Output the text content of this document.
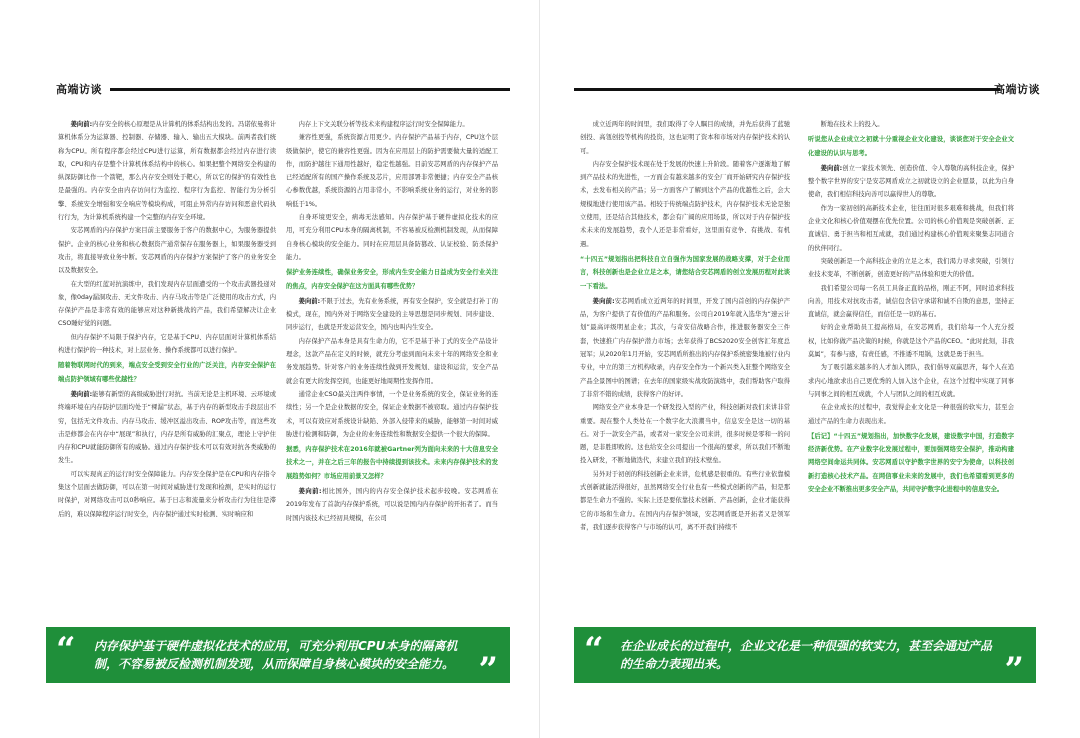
高端访谈

姜向前:内存安全的核心原理是从计算机的体系结构出发的。冯诺依曼将计算机体系分为运算器、控制器、存储器、输入、输出五大模块。前两者我们统称为CPU。所有程序都会经过CPU进行运算，所有数据都会经过内存进行读取，CPU和内存是整个计算机体系结构中的核心。如果把整个网络安全构建的纵深防御比作一个箭靶，那么内存安全则处于靶心，所以它的保护的有效性也是最强的。内存安全由内存访问行为监控、程序行为监控、智能行为分析引擎、系统安全增强和安全响应等模块构成，可阻止异常内存访问和恶意代码执行行为，为计算机系统构建一个完整的内存安全环境。

安芯网盾的内存保护方案目前主要服务于客户的数据中心，为服务器提供保护。企业的核心业务和核心数据资产通常保存在服务器上，如果服务器受到攻击，将直接导致业务中断。安芯网盾的内存保护方案保护了客户的业务安全以及数据安全。

在大型的红蓝对抗演练中，我们发现内存层面遭受的一个攻击武器投递对象，像0day漏洞攻击、无文件攻击、内存马攻击等是广泛使用的攻击方式，内存保护产品是非常有效的能够应对这种新挑战的产品，我们希望解决让企业CSO睡好觉的问题。

但内存保护不局限于保护内存，它是基于CPU、内存层面对计算机体系结构进行保护的一种技术，对上层业务、操作系统都可以进行保护。

随着物联网时代的到来，端点安全受到安全行业的广泛关注，内存安全保护在端点防护领域有哪些优越性？

姜向前:能够有新型的高级威胁进行对抗。当前无论是主机环境、云环境或终端环境在内存防护层面均处于“裸漏”状态，基于内存的新型攻击手段层出不穷，包括无文件攻击、内存马攻击、缓冲区溢出攻击、ROP攻击等，而这些攻击是修都会在内存中“展现”和执行，内存是所有威胁的汇聚点，理论上守护住内存和CPU就能防御所有的威胁。通过内存保护技术可以有效对抗各类威胁的发生。

可以实现真正的运行时安全保障能力。内存安全保护是在CPU和内存指令集这个层面去做防御，可以在第一时间对威胁进行发现和检测，是实时的运行时保护，对网络攻击可以0秒响应。基于日志和流量来分析攻击行为往往是滞后的，难以保障程序运行时安全，内存保护通过实时检测、实时响应和

内存上下文关联分析等技术来构建程序运行时安全保障能力。

兼容性更强，系统资源占用更少。内存保护产品基于内存，CPU这个层级做保护，使它的兼容性更强。因为在应用层上的防护需要做大量的适配工作，而防护越往下通用性越好，稳定性越强。目前安芯网盾的内存保护产品已经适配所有的国产操作系统及芯片，应用部署非常便捷；内存安全产品核心参数优越，系统资源的占用非常小，不影响系统业务的运行，对业务的影响低于1%。

自身环境更安全，病毒无法感知。内存保护基于硬件虚拟化技术的应用，可充分利用CPU本身的隔离机制，不容易被反检测机制发现，从而保障自身核心模块的安全能力。同时在应用层具备防篡改、认证校验、防杀保护能力。

保护业务连续性，确保业务安全，形成内生安全能力日益成为安全行业关注的焦点，内存安全保护在这方面具有哪些优势？

姜向前:不限于过去，先有业务系统，再有安全保护，安全就是打补丁的模式，现在，国内外对于网络安全建设的主导思想是同步规划、同步建设、同步运行，也就是开发运营安全，国内也叫内生安全。

内存保护产品本身是具有生命力的，它不是基于补丁式的安全产品设计理念，这款产品在定义的时候，就充分考虑到面向未来十年的网络安全和业务发展趋势。针对客户的业务连续性做到开发规划、建设和运营，安全产品就会有更大的发挥空间，也能更好地周期性发挥作用。

通常企业CSO最关注两件事情，一个是业务系统的安全，保证业务的连续性；另一个是企业数据的安全，保证企业数据不被窃取。通过内存保护技术，可以有效应对系统设计缺陷、外部入侵带来的威胁，能够第一时间对威胁进行检测和防御，为企业的业务连续性和数据安全提供一个很大的保障。

据悉，内存保护技术在2016年就被Gartner列为面向未来的十大信息安全技术之一，并在之后三年的报告中持续提到该技术。未来内存保护技术的发展趋势如何？市场应用前景又怎样？

姜向前:相比国外，国内的内存安全保护技术起步较晚。安芯网盾在2019年发布了首款内存保护系统，可以说是国内内存保护的开拓者了。而当时国内该技术已经初具规模，在公司

“ 内存保护基于硬件虚拟化技术的应用，可充分利用CPU本身的隔离机制，不容易被反检测机制发现，从而保障自身核心模块的安全能力。 ”
高端访谈

成立近两年的时间里，我们取得了令人瞩目的成绩，并先后获得了蓝驰创投、高瓴创投等机构的投资，这也证明了资本和市场对内存保护技术的认可。

内存安全保护技术现在处于发展的快速上升阶段。随着客户逐渐地了解到产品技术的先进性，一方面会有越来越多的安全厂商开始研究内存保护技术，去发布相关的产品；另一方面客户了解到这个产品的优越性之后，会大规模地进行使用该产品。相较于传统端点防护技术，内存保护技术无论是独立使用，还是结合其他技术，都会有广阔的应用场景，所以对于内存保护技术未来的发展趋势，我个人还是非常看好，这里面有竞争、有挑战、有机遇。

“十四五”规划指出把科技自立自强作为国家发展的战略支撑，对于企业而言，科技创新也是企业立足之本，请您结合安芯网盾的创立发展历程对此谈一下看法。

姜向前:安芯网盾成立近两年的时间里，开发了国内首创的内存保护产品，为客户提供了有价值的产品和服务。公司自2019年就入选华为“速云计划”最高评级明星企业；其次，与奇安信战略合作，推进服务器安全三件套，快速推广内存保护潜力市场；去年获得了BCS2020安全创客汇年度总冠军；从2020年1月开始，安芯网盾所推出的内存保护系统密集地被行业内专业，中立的第三方机构收录，内存安全作为一个新兴类入驻整个网络安全产品全景图中的图谱；在去年的国家级实战攻防演练中，我们帮助客户取得了非常不错的成绩，获得客户的好评。

网络安全产业本身是一个研发投入型的产业，科技创新对我们来讲非常重要。现在整个人类处在一个数字化大浪潮当中，信息安全是这一切的基石。对于一款安全产品，或者对一家安全公司来讲，很多时候是零和一的问题，是非胜即败的。这也给安全公司提出一个很高的要求，所以我们不断地投入研发，不断地做迭代，来建立我们的技术壁垒。

另外对于初创的科技创新企业来讲，危机感是很重的。有些行业依靠模式创新就能活得很好，虽然网络安全行业也有一些模式创新的产品，但是那都是生命力不强的。实际上还是要依靠技术创新、产品创新，企业才能获得它的市场和生命力。在国内内存保护领域，安芯网盾既是开拓者又是领军者，我们逐步获得客户与市场的认可，离不开我们持续不

断地在技术上的投入。

听说您从企业成立之初就十分重视企业文化建设，谈谈您对于安全企业文化建设的认识与思考。

姜向前:创立一家技术领先、创造价值、令人尊敬的高科技企业，保护整个数字世界的安宁是安芯网盾成立之初就设立的企业愿景，以此为自身使命，我们相信科技向善可以赢得世人的尊敬。

作为一家初创的高新技术企业，往往面对很多艰难和挑战，但我们将企业文化和核心价值观摆在优先位置。公司的核心价值观是突破创新、正直诚信、勇于担当和相互成就，我们通过构建核心价值观来聚集志同道合的伙伴同行。

突破创新是一个高科技企业的立足之本，我们渴力寻求突破，引领行业技术变革，不断创新，创造更好的产品体验和更大的价值。

我们希望公司每一名员工具备正直的品格，刚正不阿，同时追求科技向善，用技术对抗攻击者，诚信包含信守承诺和诚不自欺的意思，坚持正直诚信，就会赢得信任，而信任是一切的基石。

好的企业帮助员工提高格局，在安芯网盾，我们给每一个人充分授权，比如你做产品决策的时候，你就是这个产品的CEO。“此时此刻，非我莫属”，有参与感，有责任感，不推诿不甩锅，这就是勇于担当。

为了吸引越来越多的人才加入团队，我们倡导双赢思齐，每个人在追求内心地欲求出自己更优秀的人加入这个企业，在这个过程中实现了同事与同事之间的相互成就，个人与团队之间的相互成就。

在企业成长的过程中，我觉得企业文化是一种很强的软实力，甚至会通过产品的生命力表现出来。

【后记】“十四五”规划指出，加快数字化发展，建设数字中国，打造数字经济新优势。在产业数字化发展过程中，要加强网络安全保护，推动构建网络空间命运共同体。安芯网盾以守护数字世界的安宁为使命，以科技创新打造核心技术产品。在网信事业未来的发展中，我们也希望看到更多的安全企业不断推出更多安全产品，共同守护数字化进程中的信息安全。

“ 在企业成长的过程中，企业文化是一种很强的软实力，甚至会通过产品的生命力表现出来。	”
